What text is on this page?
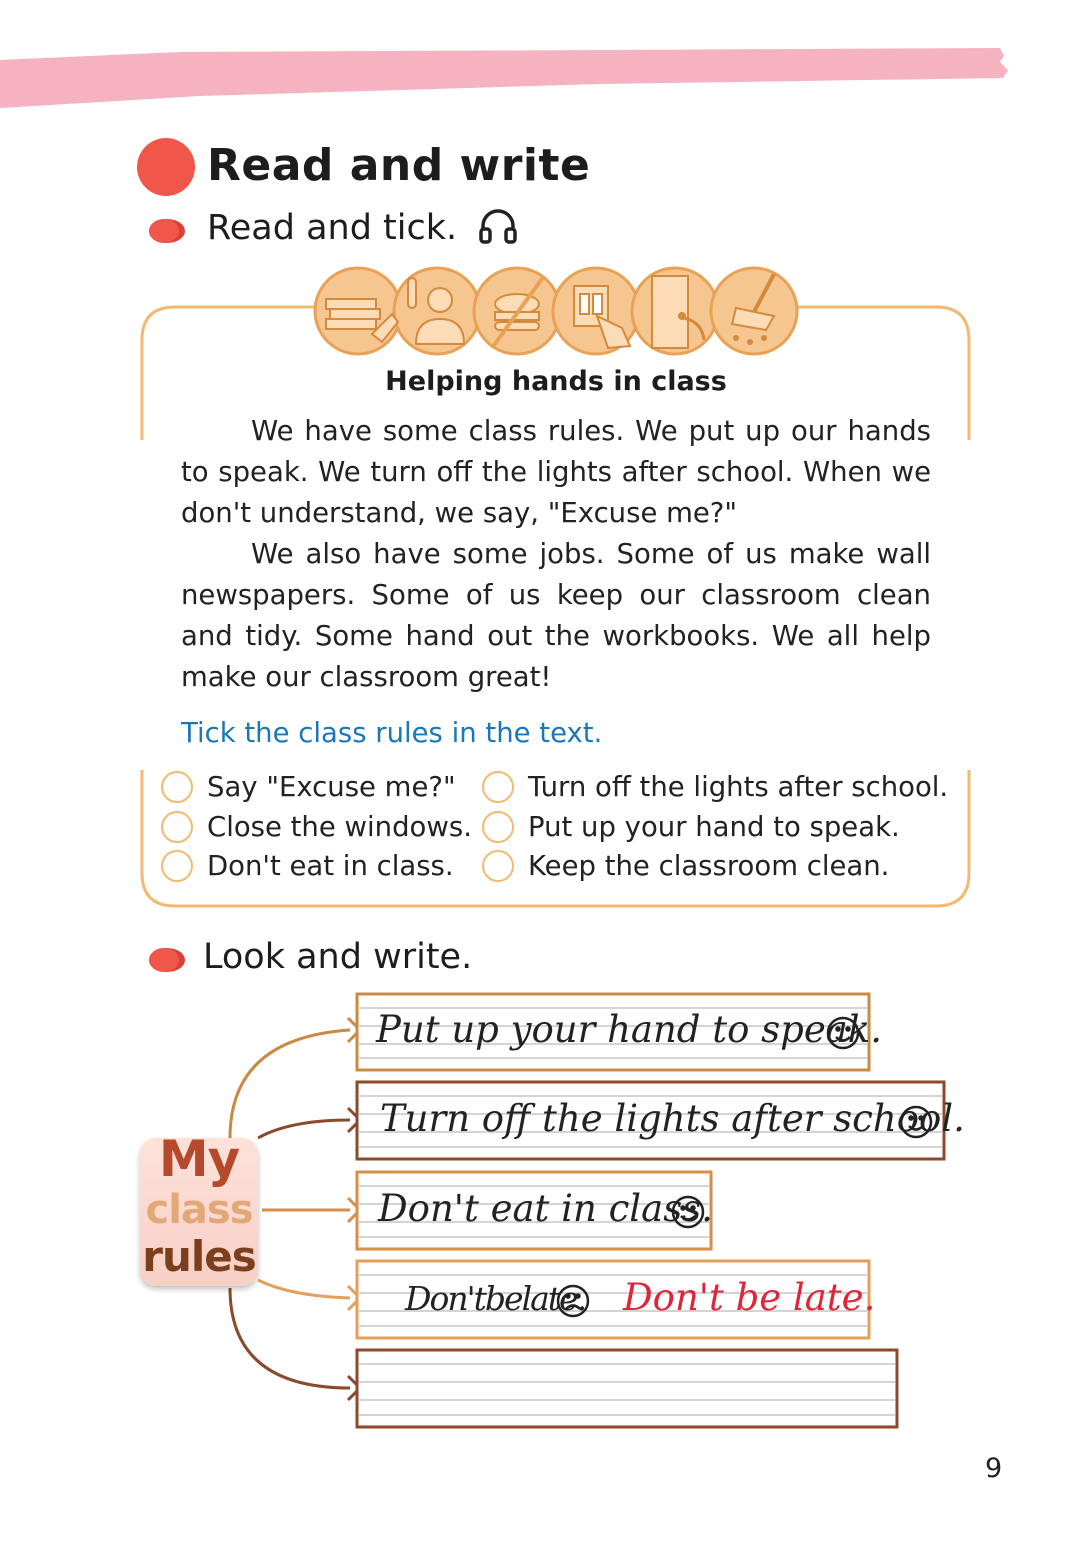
Read and write
Read and tick.
Helping hands in class

We have some class rules. We put up our hands to speak. We turn off the lights after school. When we don't understand, we say, "Excuse me?"

We also have some jobs. Some of us make wall newspapers. Some of us keep our classroom clean and tidy. Some hand out the workbooks. We all help make our classroom great!

Tick the class rules in the text.
Say "Excuse me?"
Close the windows.
Don't eat in class.
Turn off the lights after school.
Put up your hand to speak.
Keep the classroom clean.
Look and write.
Put up your hand to speak.
Turn off the lights after school.
Don't eat in class.
Don'tbelate. Don't be late.
My
class
rules
9
